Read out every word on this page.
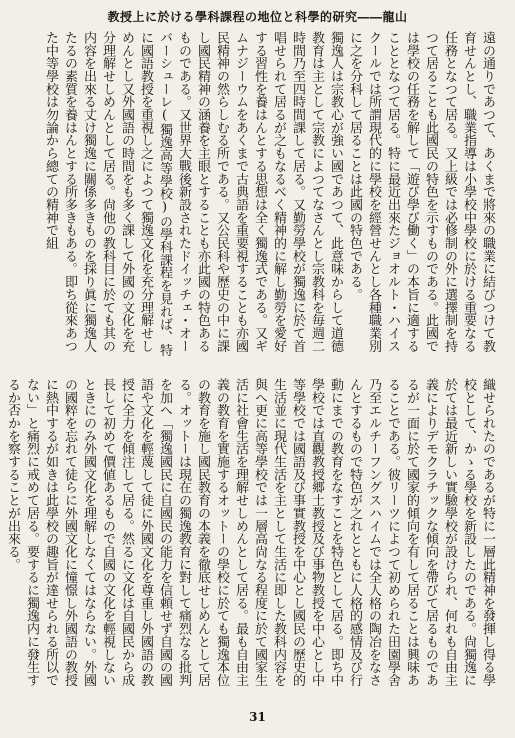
教授上に於ける學科課程の地位と科學的研究――龍山

遠の通りであつて、あくまで將來の職業に結びつけて教育せんとし、職業指導は小學校中學校に於ける重要なる任務となつて居る。又上級では必修制の外に選擇制を持つて居ることも此國民の特色を示すものである。此國では學校の任務を解して「遊び學び働く」の本旨に適することとなつて居る。特に最近出來たジョオルト・ハイスクールでは所謂現代的に學校を經營せんとし各種職業別に之を分科して居ることは此國の特色である。

獨逸人は宗教心が強い國であつて、此意味からして道德教育は主として宗教によつてなさんとし宗教科を毎週二時間乃至四時間課して居る。又勤勞學校が獨逸に於て首唱せられて居るが之もなるべく精神的に解し勤勞を愛好する習性を養はんとする思想は全く獨逸式である。又ギムナジーウムをあくまで古典語を重要視することも亦國民精神の然らしむる所である。又公民科や歷史の中に課し國民精神の涵養を主眼とすることも亦此國の特色あるものである。又世界大戰後新設されたドイッチェ・オーバーシューレ(獨逸高等學校)の學科課程を見れば、特に國語教授を重視し之によつて獨逸文化を充分理解せしめんとし又外國語の時間をも多く課して外國の文化を充分理解せしめんとして居る。尙他の教科目に於ても其の内容を出來る丈け獨逸に關係多きものを採り眞に獨逸人たるの素質を養はんとする所多きもある。即ち從來あつた中等學校は勿論から總ての精神で組

織せられたのであるが特に一層此精神を發揮し得る學校として、かゝる學校を新設したのである。尙獨逸に於ては最近新しい實驗學校が設けられ、何れも自由主義によりデモクラチックな傾向を帶びて居るものであるが一面に於て國家的傾向を有して居ることは興味あることである。彼リーツによつて初められた田園學舍乃至エルチーフングスハイムでは全人格の陶冶をなさんとするもので特色が之れとともに人格的感情及び行動にまでの教育をなすことを特色として居る。即ち中學校では直觀教授郷土教授及び事物教授を中心とし中等學校では國語及び事實教授を中心とし國民の歷史的生活並に現代生活を主として生活に即した教科内容を與へ更に高等學校では一層高尙なる程度に於て國家生活に社會生活を理解せしめんとして居る。最も自由主義の教育を實施するオットーの學校に於ても獨逸本位の教育を施し國民教育の本義を徹底せしめんとして居る。オットーは現在の獨逸教育に對して痛烈なる批判を加へ「獨逸國民に自國民の能力を信頼せず自國の國語や文化を輕蔑して徒に外國文化を尊重し外國語の教授に全力を傾注して居る。然るに文化は自國民から成長して初めて價値あるもので自國の文化を輕視しないときにのみ外國文化を理解しなくてはならない。外國の國粹を忘れて徒らに外國文化に憧憬し外國語の教授に熱中するが如きは此學校の趣旨が達せられる所以でない」と痛烈に戒めて居る。要するに獨逸内に發生するか否かを察することが出來る。

31
